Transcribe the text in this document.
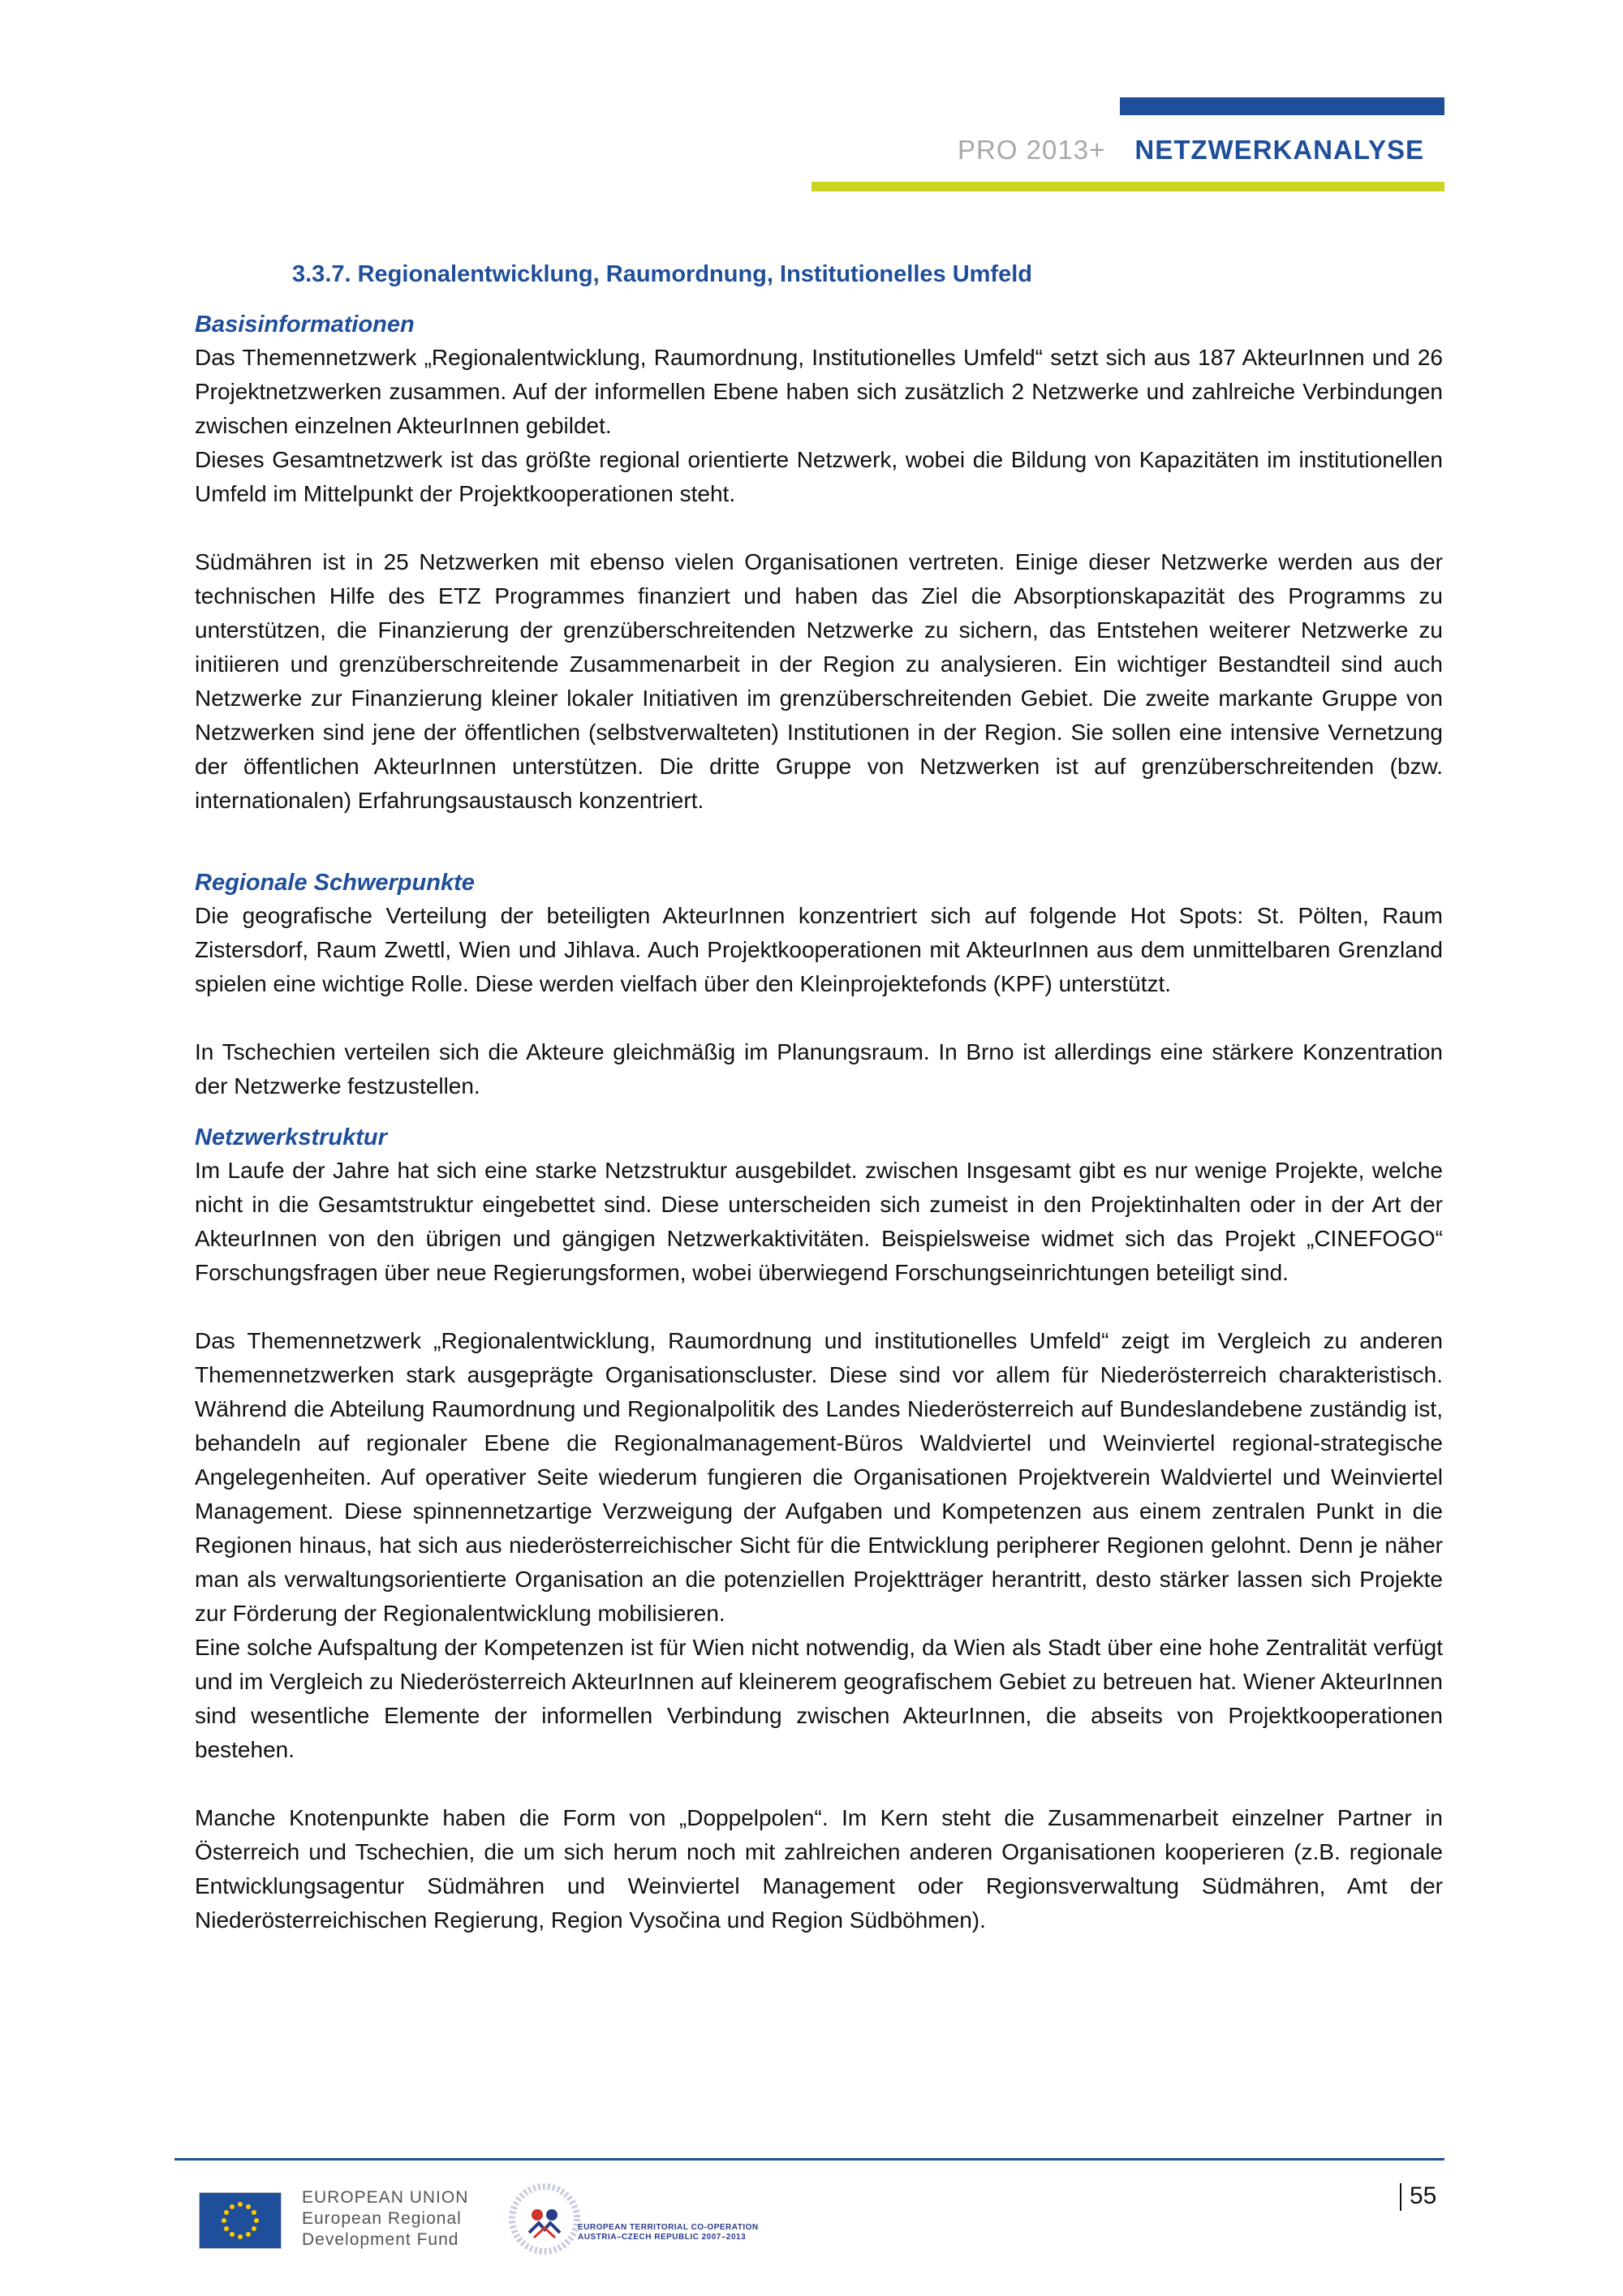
PRO 2013+ NETZWERKANALYSE
3.3.7. Regionalentwicklung, Raumordnung, Institutionelles Umfeld
Basisinformationen

Das Themennetzwerk „Regionalentwicklung, Raumordnung, Institutionelles Umfeld“ setzt sich aus 187 AkteurInnen und 26 Projektnetzwerken zusammen. Auf der informellen Ebene haben sich zusätzlich 2 Netzwerke und zahlreiche Verbindungen zwischen einzelnen AkteurInnen gebildet.

Dieses Gesamtnetzwerk ist das größte regional orientierte Netzwerk, wobei die Bildung von Kapazitäten im institutionellen Umfeld im Mittelpunkt der Projektkooperationen steht.

Südmähren ist in 25 Netzwerken mit ebenso vielen Organisationen vertreten. Einige dieser Netzwerke werden aus der technischen Hilfe des ETZ Programmes finanziert und haben das Ziel die Absorptionskapazität des Programms zu unterstützen, die Finanzierung der grenzüberschreitenden Netzwerke zu sichern, das Entstehen weiterer Netzwerke zu initiieren und grenzüberschreitende Zusammenarbeit in der Region zu analysieren. Ein wichtiger Bestandteil sind auch Netzwerke zur Finanzierung kleiner lokaler Initiativen im grenzüberschreitenden Gebiet. Die zweite markante Gruppe von Netzwerken sind jene der öffentlichen (selbstverwalteten) Institutionen in der Region. Sie sollen eine intensive Vernetzung der öffentlichen AkteurInnen unterstützen. Die dritte Gruppe von Netzwerken ist auf grenzüberschreitenden (bzw. internationalen) Erfahrungsaustausch konzentriert.

Regionale Schwerpunkte

Die geografische Verteilung der beteiligten AkteurInnen konzentriert sich auf folgende Hot Spots: St. Pölten, Raum Zistersdorf, Raum Zwettl, Wien und Jihlava. Auch Projektkooperationen mit AkteurInnen aus dem unmittelbaren Grenzland spielen eine wichtige Rolle. Diese werden vielfach über den Kleinprojektefonds (KPF) unterstützt.

In Tschechien verteilen sich die Akteure gleichmäßig im Planungsraum. In Brno ist allerdings eine stärkere Konzentration der Netzwerke festzustellen.

Netzwerkstruktur

Im Laufe der Jahre hat sich eine starke Netzstruktur ausgebildet. zwischen Insgesamt gibt es nur wenige Projekte, welche nicht in die Gesamtstruktur eingebettet sind. Diese unterscheiden sich zumeist in den Projektinhalten oder in der Art der AkteurInnen von den übrigen und gängigen Netzwerkaktivitäten. Beispielsweise widmet sich das Projekt „CINEFOGO“ Forschungsfragen über neue Regierungsformen, wobei überwiegend Forschungseinrichtungen beteiligt sind.

Das Themennetzwerk „Regionalentwicklung, Raumordnung und institutionelles Umfeld“ zeigt im Vergleich zu anderen Themennetzwerken stark ausgeprägte Organisationscluster. Diese sind vor allem für Niederösterreich charakteristisch. Während die Abteilung Raumordnung und Regionalpolitik des Landes Niederösterreich auf Bundeslandebene zuständig ist, behandeln auf regionaler Ebene die Regionalmanagement-Büros Waldviertel und Weinviertel regional-strategische Angelegenheiten. Auf operativer Seite wiederum fungieren die Organisationen Projektverein Waldviertel und Weinviertel Management. Diese spinnennetzartige Verzweigung der Aufgaben und Kompetenzen aus einem zentralen Punkt in die Regionen hinaus, hat sich aus niederösterreichischer Sicht für die Entwicklung peripherer Regionen gelohnt. Denn je näher man als verwaltungsorientierte Organisation an die potenziellen Projektträger herantritt, desto stärker lassen sich Projekte zur Förderung der Regionalentwicklung mobilisieren.

Eine solche Aufspaltung der Kompetenzen ist für Wien nicht notwendig, da Wien als Stadt über eine hohe Zentralität verfügt und im Vergleich zu Niederösterreich AkteurInnen auf kleinerem geografischem Gebiet zu betreuen hat. Wiener AkteurInnen sind wesentliche Elemente der informellen Verbindung zwischen AkteurInnen, die abseits von Projektkooperationen bestehen.

Manche Knotenpunkte haben die Form von „Doppelpolen“. Im Kern steht die Zusammenarbeit einzelner Partner in Österreich und Tschechien, die um sich herum noch mit zahlreichen anderen Organisationen kooperieren (z.B. regionale Entwicklungsagentur Südmähren und Weinviertel Management oder Regionsverwaltung Südmähren, Amt der Niederösterreichischen Regierung, Region Vysočina und Region Südböhmen).

55
EUROPEAN UNION
European Regional
Development Fund
EUROPEAN TERRITORIAL CO-OPERATION
AUSTRIA–CZECH REPUBLIC 2007–2013
